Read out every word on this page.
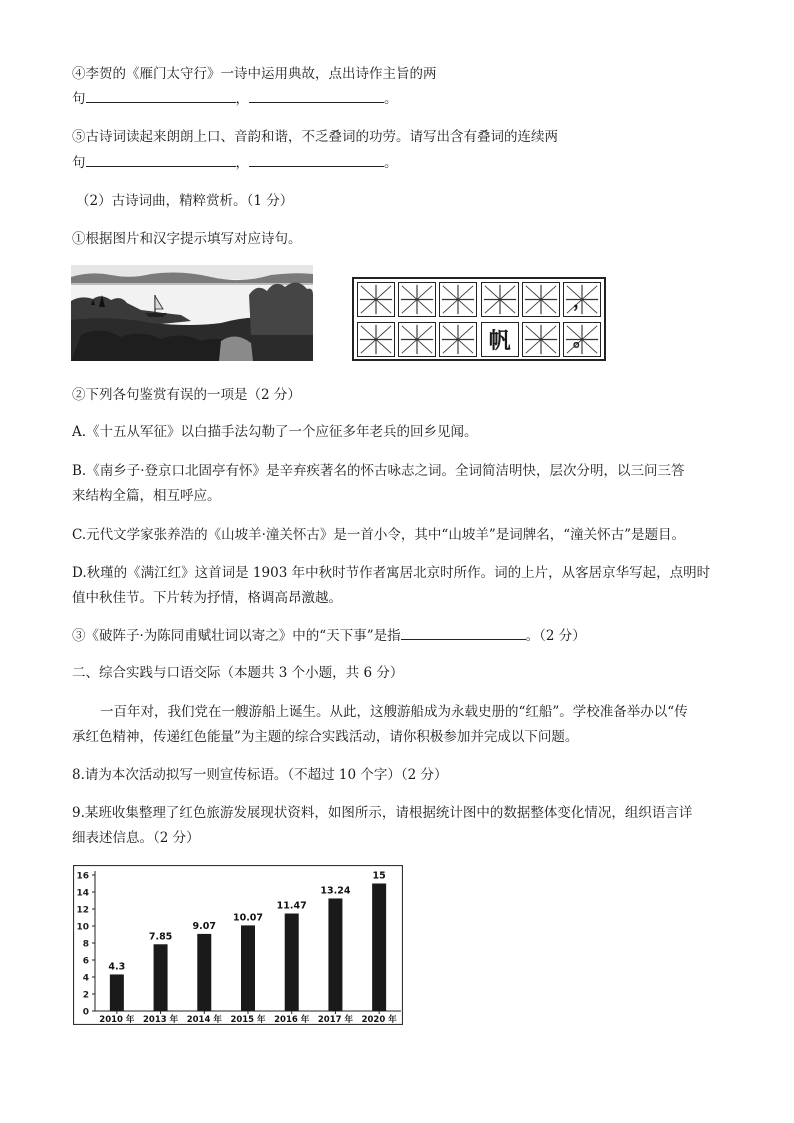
④李贺的《雁门太守行》一诗中运用典故，点出诗作主旨的两
句	，	。
⑤古诗词读起来朗朗上口、音韵和谐，不乏叠词的功劳。请写出含有叠词的连续两
句	，	。
（2）古诗词曲，精粹赏析。（1 分）
①根据图片和汉字提示填写对应诗句。
，
帆	。
②下列各句鉴赏有误的一项是（2 分）
A.《十五从军征》以白描手法勾勒了一个应征多年老兵的回乡见闻。
B.《南乡子·登京口北固亭有怀》是辛弃疾著名的怀古咏志之词。全词简洁明快，层次分明，以三问三答
来结构全篇，相互呼应。
C.元代文学家张养浩的《山坡羊·潼关怀古》是一首小令，其中“山坡羊”是词牌名，“潼关怀古”是题目。
D.秋瑾的《满江红》这首词是 1903 年中秋时节作者寓居北京时所作。词的上片，从客居京华写起，点明时
值中秋佳节。下片转为抒情，格调高昂激越。
③《破阵子·为陈同甫赋壮词以寄之》中的“天下事”是指	。（2 分）
二、综合实践与口语交际（本题共 3 个小题，共 6 分）
一百年对，我们党在一艘游船上诞生。从此，这艘游船成为永载史册的“红船”。学校准备举办以“传
承红色精神，传递红色能量”为主题的综合实践活动，请你积极参加并完成以下问题。
8.请为本次活动拟写一则宣传标语。（不超过 10 个字）（2 分）
9.某班收集整理了红色旅游发展现状资料，如图所示，请根据统计图中的数据整体变化情况，组织语言详
细表述信息。（2 分）
0
2
4
6
8
10
12
14
16
4.3
2010 年
7.85
2013 年
9.07
2014 年
10.07
2015 年
11.47
2016 年
13.24
2017 年
15
2020 年
